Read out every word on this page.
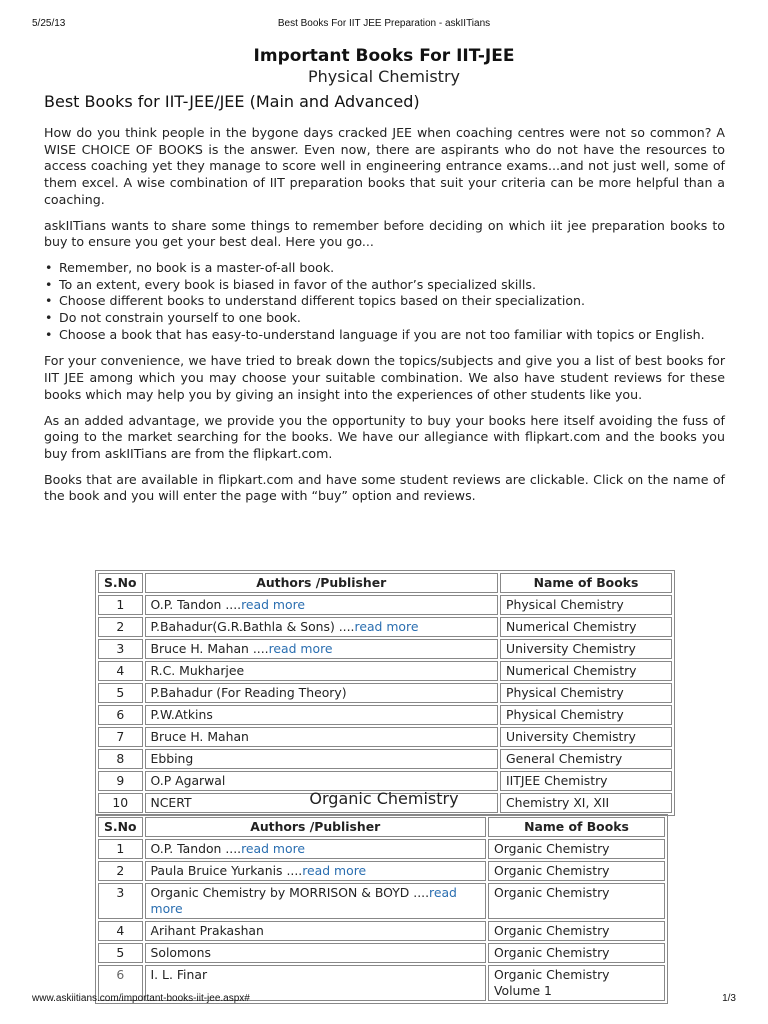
5/25/13	Best Books For IIT JEE Preparation - askIITians
Important Books For IIT-JEE
Physical Chemistry
Best Books for IIT-JEE/JEE (Main and Advanced)

How do you think people in the bygone days cracked JEE when coaching centres were not so common? A WISE CHOICE OF BOOKS is the answer. Even now, there are aspirants who do not have the resources to access coaching yet they manage to score well in engineering entrance exams...and not just well, some of them excel. A wise combination of IIT preparation books that suit your criteria can be more helpful than a coaching.

askIITians wants to share some things to remember before deciding on which iit jee preparation books to buy to ensure you get your best deal. Here you go...

• Remember, no book is a master-of-all book.
• To an extent, every book is biased in favor of the author’s specialized skills.
• Choose different books to understand different topics based on their specialization.
• Do not constrain yourself to one book.
• Choose a book that has easy-to-understand language if you are not too familiar with topics or English.

For your convenience, we have tried to break down the topics/subjects and give you a list of best books for IIT JEE among which you may choose your suitable combination. We also have student reviews for these books which may help you by giving an insight into the experiences of other students like you.

As an added advantage, we provide you the opportunity to buy your books here itself avoiding the fuss of going to the market searching for the books. We have our allegiance with flipkart.com and the books you buy from askIITians are from the flipkart.com.

Books that are available in flipkart.com and have some student reviews are clickable. Click on the name of the book and you will enter the page with “buy” option and reviews.

S.No	Authors /Publisher	Name of Books
1	O.P. Tandon ....read more	Physical Chemistry
2	P.Bahadur(G.R.Bathla & Sons) ....read more	Numerical Chemistry
3	Bruce H. Mahan ....read more	University Chemistry
4	R.C. Mukharjee	Numerical Chemistry
5	P.Bahadur (For Reading Theory)	Physical Chemistry
6	P.W.Atkins	Physical Chemistry
7	Bruce H. Mahan	University Chemistry
8	Ebbing	General Chemistry
9	O.P Agarwal	IITJEE Chemistry
10	NCERT	Chemistry XI, XII
Organic Chemistry
S.No	Authors /Publisher	Name of Books
1	O.P. Tandon ....read more	Organic Chemistry
2	Paula Bruice Yurkanis ....read more	Organic Chemistry
3	Organic Chemistry by MORRISON & BOYD ....read more	Organic Chemistry
4	Arihant Prakashan	Organic Chemistry
5	Solomons	Organic Chemistry
6	I. L. Finar	Organic Chemistry Volume 1
www.askiitians.com/important-books-iit-jee.aspx#	1/3
